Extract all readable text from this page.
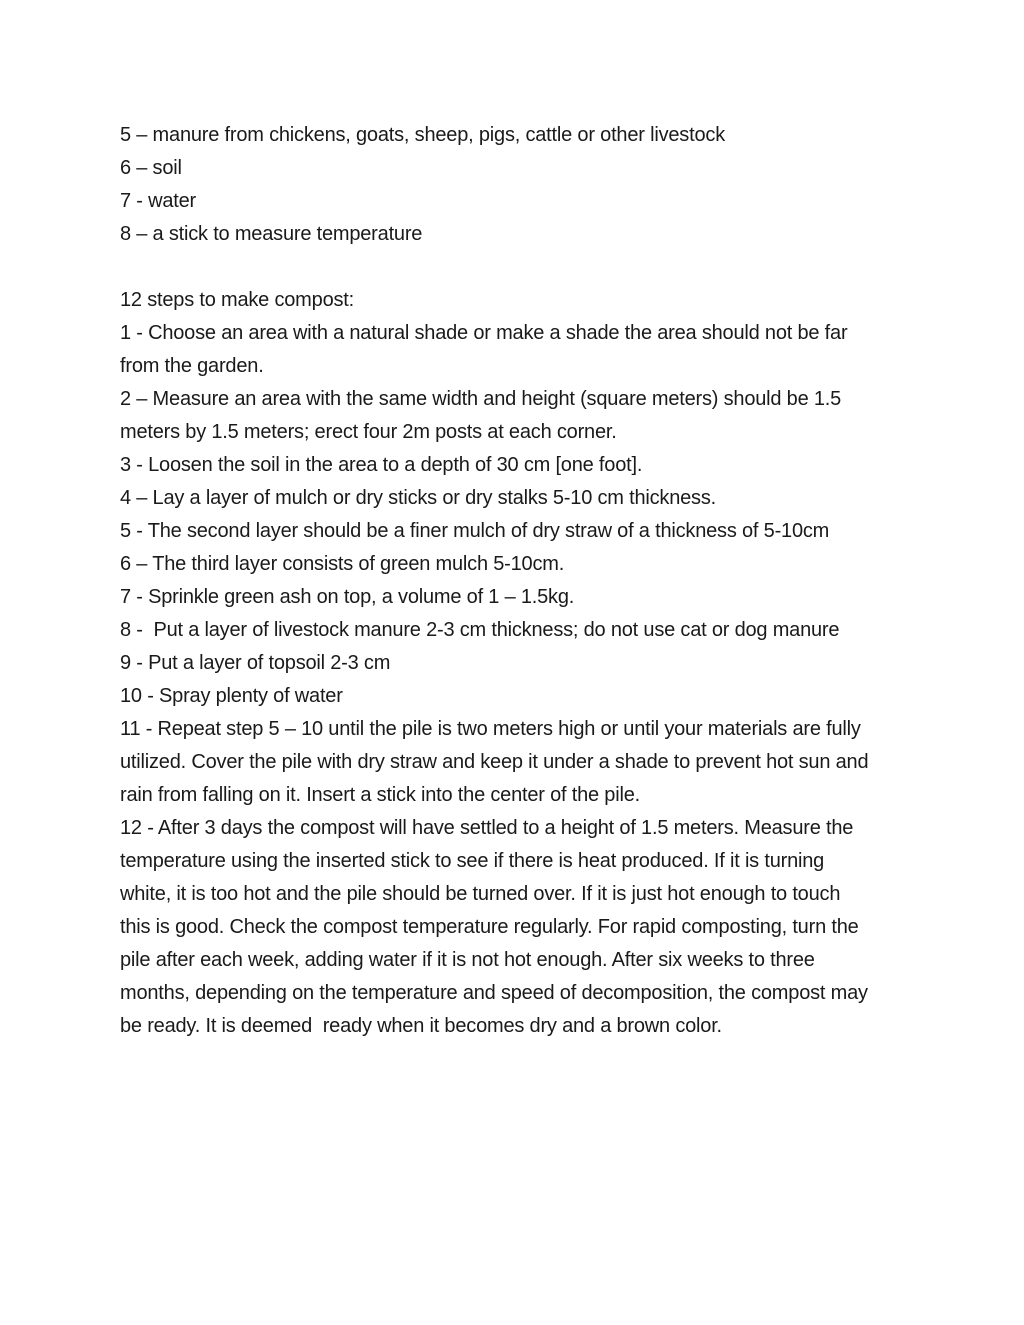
5 – manure from chickens, goats, sheep, pigs, cattle or other livestock

6 – soil

7 - water

8 – a stick to measure temperature

12 steps to make compost:

1 - Choose an area with a natural shade or make a shade the area should not be far from the garden.

2 – Measure an area with the same width and height (square meters) should be 1.5 meters by 1.5 meters; erect four 2m posts at each corner.

3 - Loosen the soil in the area to a depth of 30 cm [one foot].

4 – Lay a layer of mulch or dry sticks or dry stalks 5-10 cm thickness.

5 - The second layer should be a finer mulch of dry straw of a thickness of 5-10cm

6 – The third layer consists of green mulch 5-10cm.

7 - Sprinkle green ash on top, a volume of 1 – 1.5kg.

8 -  Put a layer of livestock manure 2-3 cm thickness; do not use cat or dog manure

9 - Put a layer of topsoil 2-3 cm

10 - Spray plenty of water

11 - Repeat step 5 – 10 until the pile is two meters high or until your materials are fully utilized. Cover the pile with dry straw and keep it under a shade to prevent hot sun and rain from falling on it. Insert a stick into the center of the pile.

12 - After 3 days the compost will have settled to a height of 1.5 meters. Measure the temperature using the inserted stick to see if there is heat produced. If it is turning white, it is too hot and the pile should be turned over. If it is just hot enough to touch this is good. Check the compost temperature regularly. For rapid composting, turn the pile after each week, adding water if it is not hot enough. After six weeks to three months, depending on the temperature and speed of decomposition, the compost may be ready. It is deemed  ready when it becomes dry and a brown color.
